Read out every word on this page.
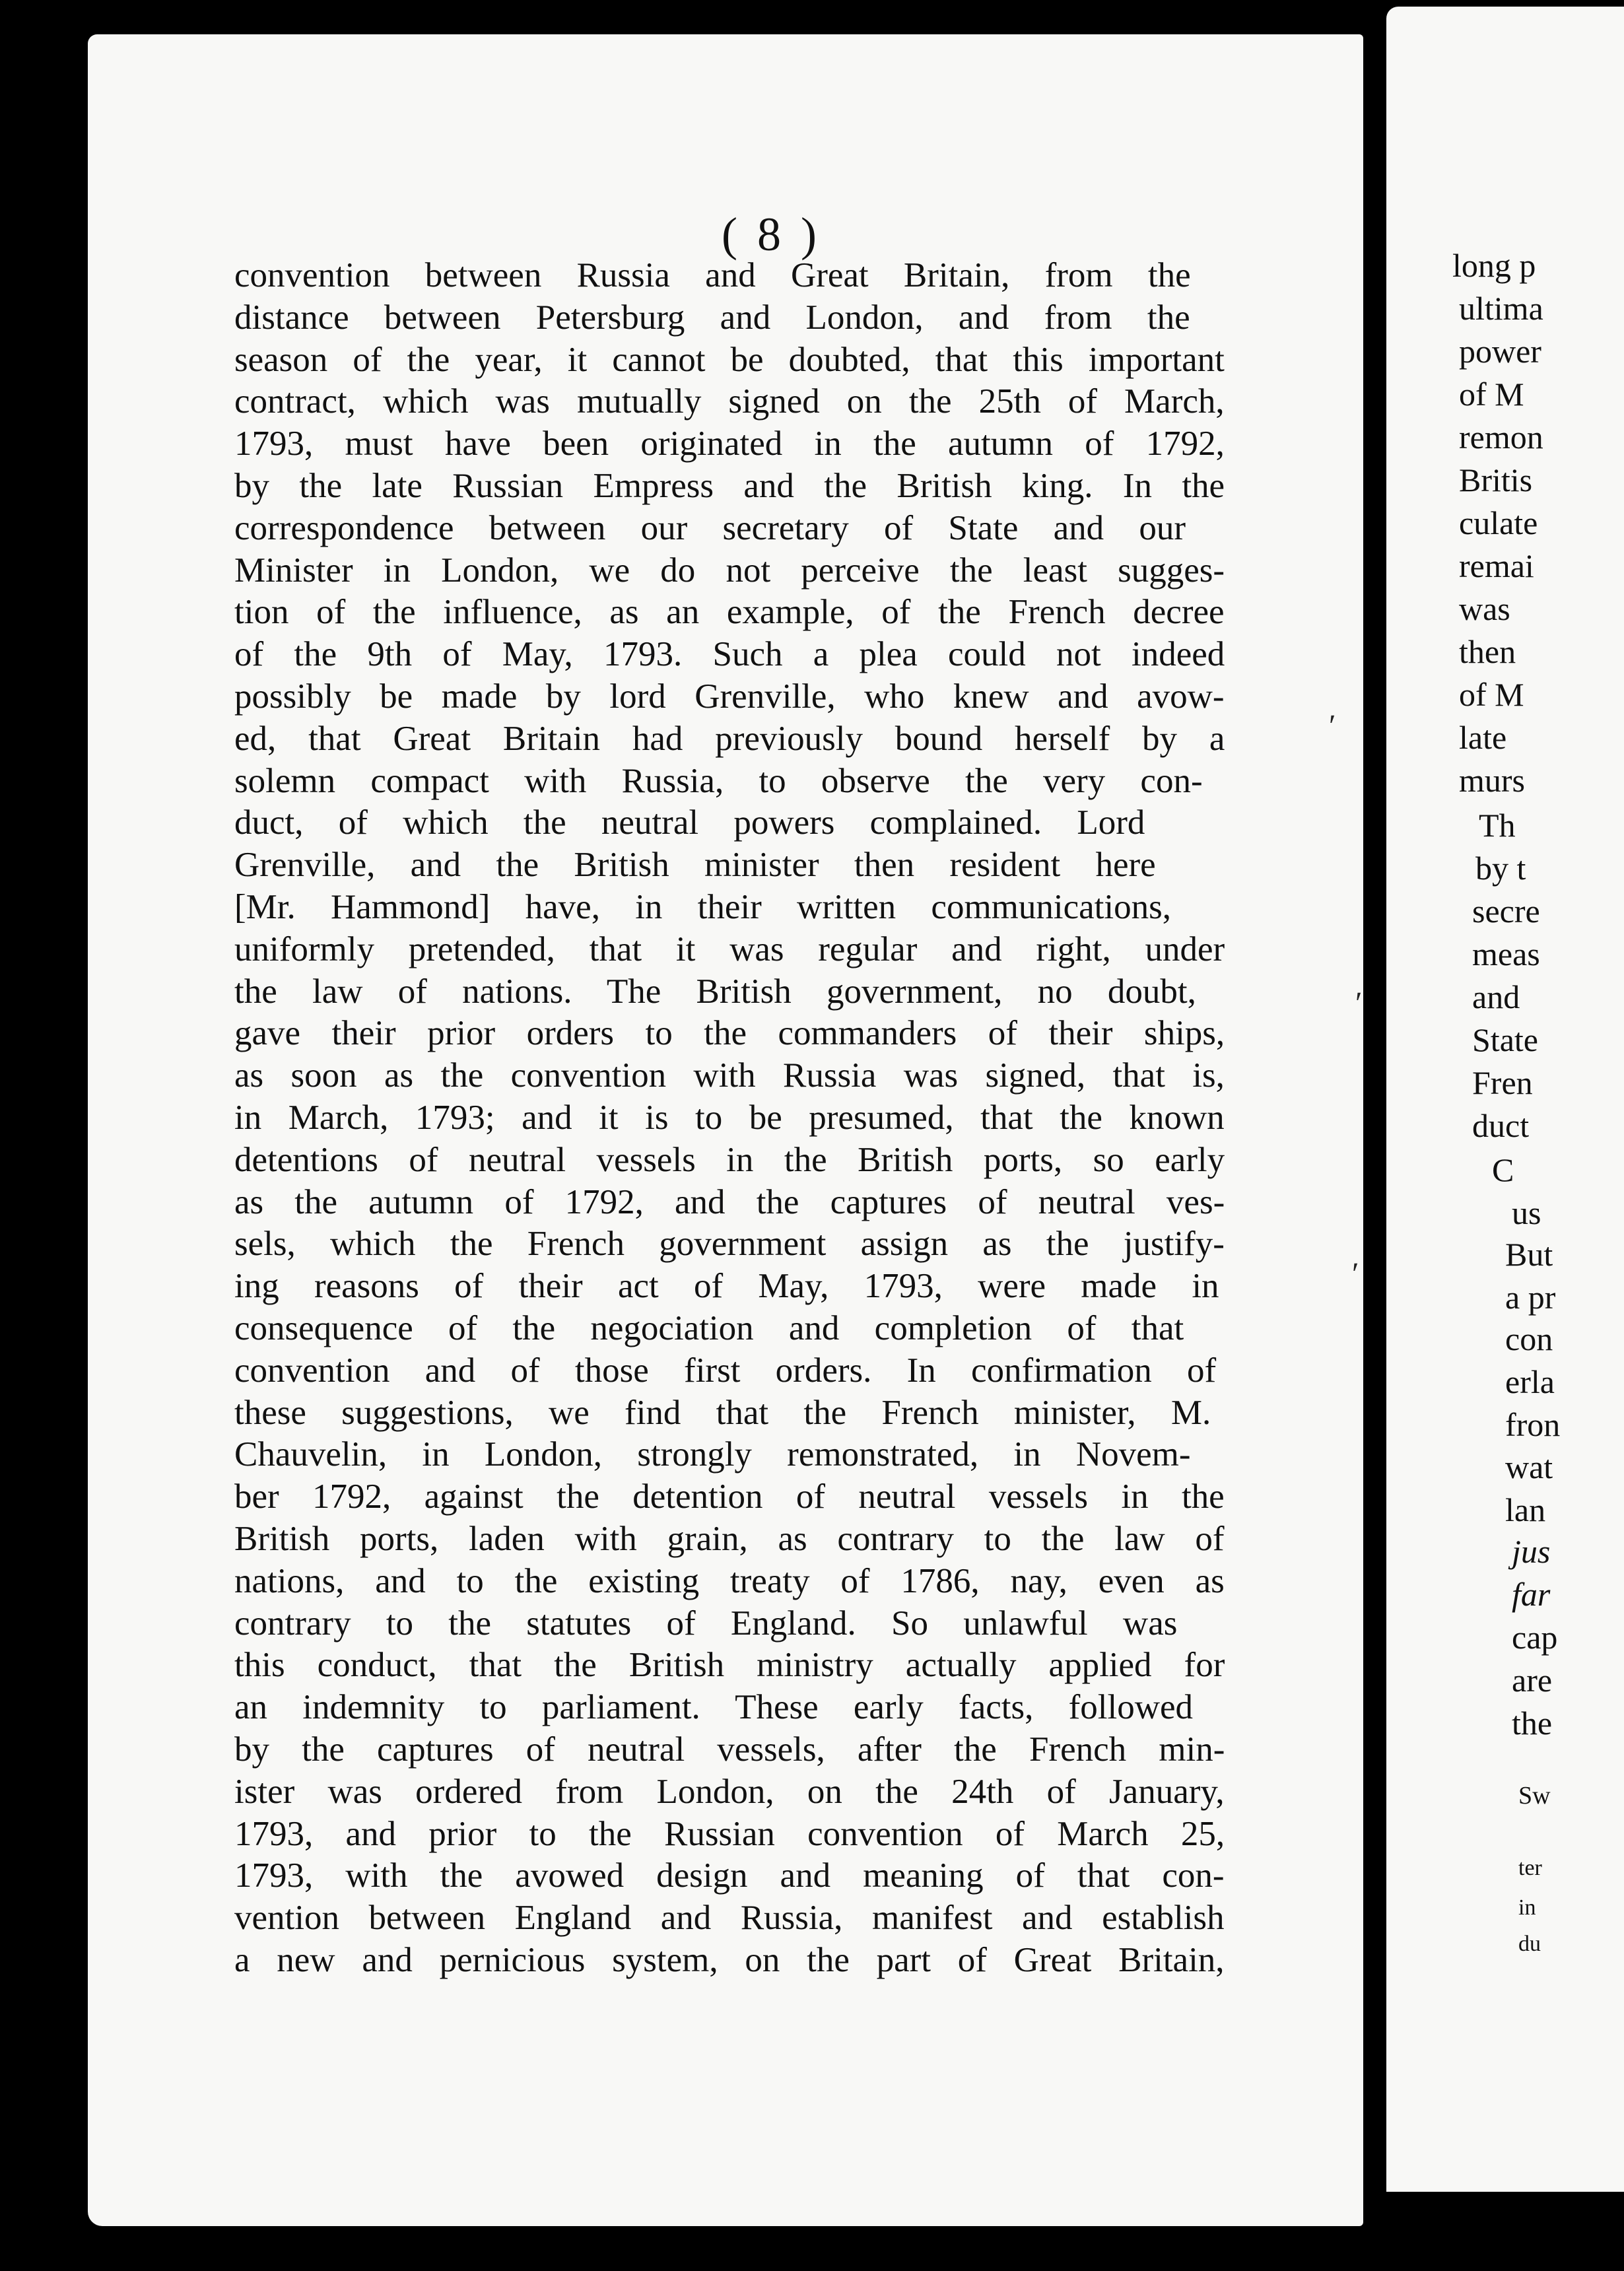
( 8 )
convention between Russia and Great Britain, from the
distance between Petersburg and London, and from the
season of the year, it cannot be doubted, that this important
contract, which was mutually signed on the 25th of March,
1793, must have been originated in the autumn of 1792,
by the late Russian Empress and the British king. In the
correspondence between our secretary of State and our
Minister in London, we do not perceive the least sugges-
tion of the influence, as an example, of the French decree
of the 9th of May, 1793. Such a plea could not indeed
possibly be made by lord Grenville, who knew and avow-
ed, that Great Britain had previously bound herself by a
solemn compact with Russia, to observe the very con-
duct, of which the neutral powers complained. Lord
Grenville, and the British minister then resident here
[Mr. Hammond] have, in their written communications,
uniformly pretended, that it was regular and right, under
the law of nations. The British government, no doubt,
gave their prior orders to the commanders of their ships,
as soon as the convention with Russia was signed, that is,
in March, 1793; and it is to be presumed, that the known
detentions of neutral vessels in the British ports, so early
as the autumn of 1792, and the captures of neutral ves-
sels, which the French government assign as the justify-
ing reasons of their act of May, 1793, were made in
consequence of the negociation and completion of that
convention and of those first orders. In confirmation of
these suggestions, we find that the French minister, M.
Chauvelin, in London, strongly remonstrated, in Novem-
ber 1792, against the detention of neutral vessels in the
British ports, laden with grain, as contrary to the law of
nations, and to the existing treaty of 1786, nay, even as
contrary to the statutes of England. So unlawful was
this conduct, that the British ministry actually applied for
an indemnity to parliament. These early facts, followed
by the captures of neutral vessels, after the French min-
ister was ordered from London, on the 24th of January,
1793, and prior to the Russian convention of March 25,
1793, with the avowed design and meaning of that con-
vention between England and Russia, manifest and establish
a new and pernicious system, on the part of Great Britain,
ʹ
ʹ
ʹ
long p
ultima
power
of M
remon
Britis
culate
remai
was
then
of M
late
murs
Th
by t
secre
meas
and
State
Fren
duct
C
us
But
a pr
con
erla
fron
wat
lan
jus
far
cap
are
the
Sw
ter
in
du
